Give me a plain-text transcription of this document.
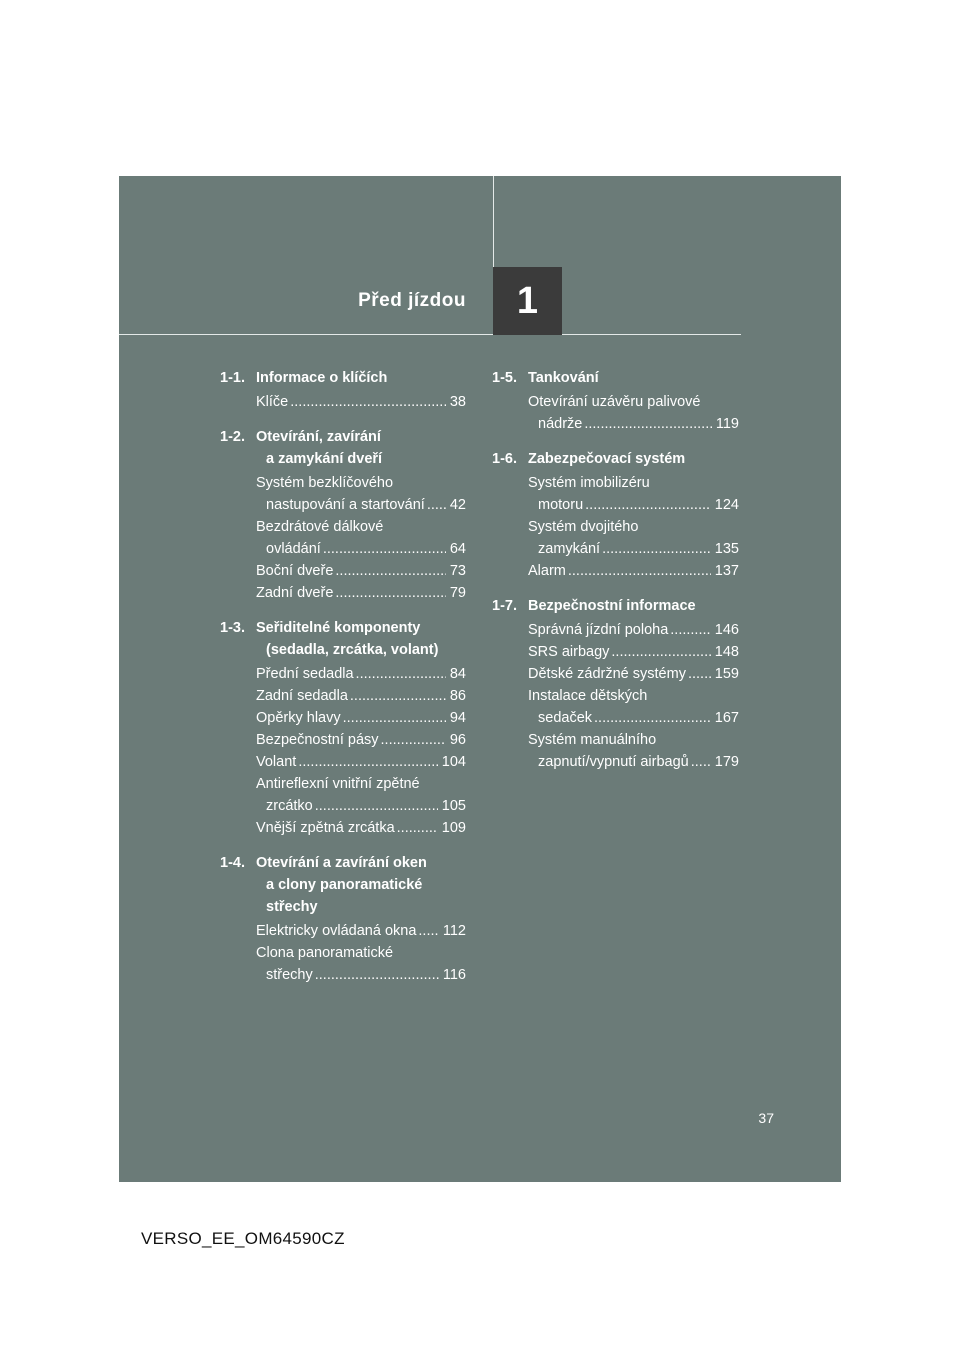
Před jízdou	1
1-1. Informace o klíčích
Klíče .....	38
1-2. Otevírání, zavírání
a zamykání dveří
Systém bezklíčového
nastupování a startování ..... 42
Bezdrátové dálkové
ovládání .....	64
Boční dveře .....	73
Zadní dveře .....	79
1-3. Seřiditelné komponenty
(sedadla, zrcátka, volant)
Přední sedadla .....	84
Zadní sedadla .....	86
Opěrky hlavy .....	94
Bezpečnostní pásy .....	96
Volant .....	104
Antireflexní vnitřní zpětné
zrcátko .....	105
Vnější zpětná zrcátka .....	109
1-4. Otevírání a zavírání oken
a clony panoramatické
střechy
Elektricky ovládaná okna ..... 112
Clona panoramatické
střechy .....	116
1-5. Tankování
Otevírání uzávěru palivové
nádrže .....	119
1-6. Zabezpečovací systém
Systém imobilizéru
motoru .....	124
Systém dvojitého
zamykání .....	135
Alarm .....	137
1-7. Bezpečnostní informace
Správná jízdní poloha .....	146
SRS airbagy .....	148
Dětské zádržné systémy ..... 159
Instalace dětských
sedaček .....	167
Systém manuálního
zapnutí/vypnutí airbagů ..... 179
37
VERSO_EE_OM64590CZ
